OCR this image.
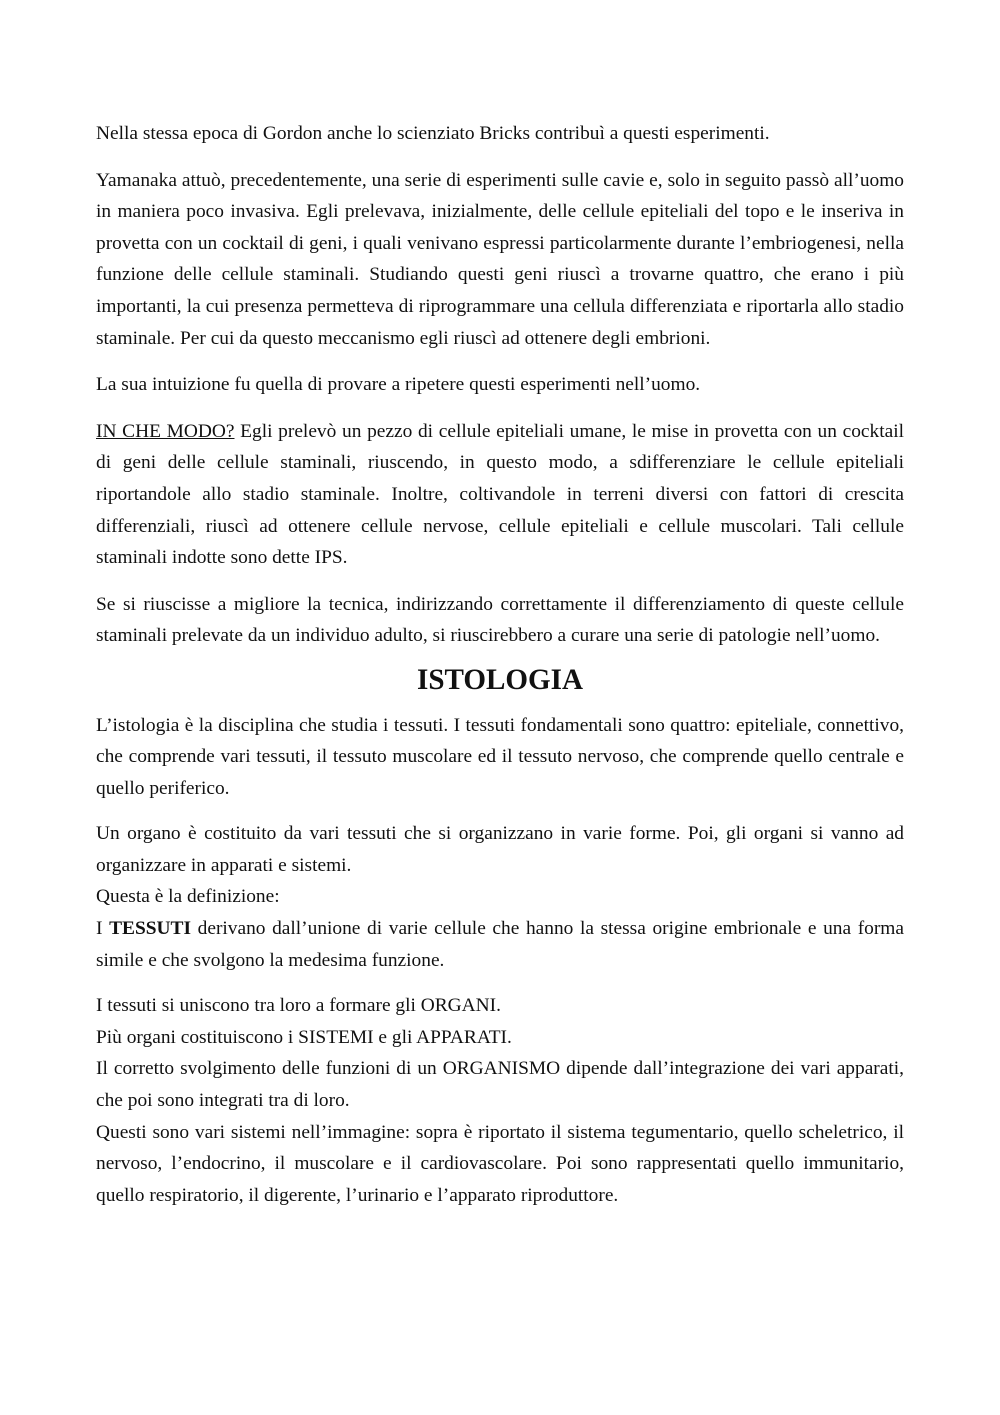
Nella stessa epoca di Gordon anche lo scienziato Bricks contribuì a questi esperimenti.

Yamanaka attuò, precedentemente, una serie di esperimenti sulle cavie e, solo in seguito passò all’uomo in maniera poco invasiva. Egli prelevava, inizialmente, delle cellule epiteliali del topo e le inseriva in provetta con un cocktail di geni, i quali venivano espressi particolarmente durante l’embriogenesi, nella funzione delle cellule staminali. Studiando questi geni riuscì a trovarne quattro, che erano i più importanti, la cui presenza permetteva di riprogrammare una cellula differenziata e riportarla allo stadio staminale. Per cui da questo meccanismo egli riuscì ad ottenere degli embrioni.

La sua intuizione fu quella di provare a ripetere questi esperimenti nell’uomo.

IN CHE MODO? Egli prelevò un pezzo di cellule epiteliali umane, le mise in provetta con un cocktail di geni delle cellule staminali, riuscendo, in questo modo, a sdifferenziare le cellule epiteliali riportandole allo stadio staminale. Inoltre, coltivandole in terreni diversi con fattori di crescita differenziali, riuscì ad ottenere cellule nervose, cellule epiteliali e cellule muscolari. Tali cellule staminali indotte sono dette IPS.

Se si riuscisse a migliore la tecnica, indirizzando correttamente il differenziamento di queste cellule staminali prelevate da un individuo adulto, si riuscirebbero a curare una serie di patologie nell’uomo.

ISTOLOGIA

L’istologia è la disciplina che studia i tessuti. I tessuti fondamentali sono quattro: epiteliale, connettivo, che comprende vari tessuti, il tessuto muscolare ed il tessuto nervoso, che comprende quello centrale e quello periferico.

Un organo è costituito da vari tessuti che si organizzano in varie forme. Poi, gli organi si vanno ad organizzare in apparati e sistemi.

Questa è la definizione:

I TESSUTI derivano dall’unione di varie cellule che hanno la stessa origine embrionale e una forma simile e che svolgono la medesima funzione.

I tessuti si uniscono tra loro a formare gli ORGANI.

Più organi costituiscono i SISTEMI e gli APPARATI.

Il corretto svolgimento delle funzioni di un ORGANISMO dipende dall’integrazione dei vari apparati, che poi sono integrati tra di loro.

Questi sono vari sistemi nell’immagine: sopra è riportato il sistema tegumentario, quello scheletrico, il nervoso, l’endocrino, il muscolare e il cardiovascolare. Poi sono rappresentati quello immunitario, quello respiratorio, il digerente, l’urinario e l’apparato riproduttore.
